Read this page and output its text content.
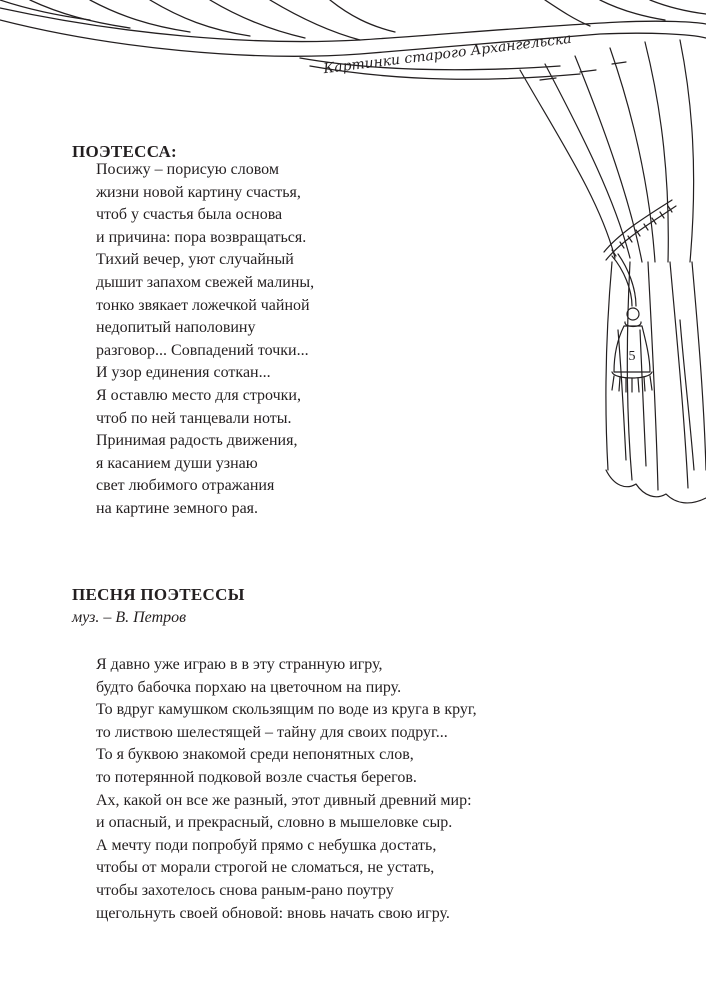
Картинки старого Архангельска
5
ПОЭТЕССА:
Посижу – порисую словом
жизни новой картину счастья,
чтоб у счастья была основа
и причина: пора возвращаться.
Тихий вечер, уют случайный
дышит запахом свежей малины,
тонко звякает ложечкой чайной
недопитый наполовину
разговор... Совпадений точки...
И узор единения соткан...
Я оставлю место для строчки,
чтоб по ней танцевали ноты.
Принимая радость движения,
я касанием души узнаю
свет любимого отражания
на картине земного рая.
ПЕСНЯ ПОЭТЕССЫ
муз. – В. Петров
Я давно уже играю в в эту странную игру,
будто бабочка порхаю на цветочном на пиру.
То вдруг камушком скользящим по воде из круга в круг,
то листвою шелестящей – тайну для своих подруг...
То я буквою знакомой среди непонятных слов,
то потерянной подковой возле счастья берегов.
Ах, какой он все же разный, этот дивный древний мир:
и опасный, и прекрасный, словно в мышеловке сыр.
А мечту поди попробуй прямо с небушка достать,
чтобы от морали строгой не сломаться, не устать,
чтобы захотелось снова раным-рано поутру
щегольнуть своей обновой: вновь начать свою игру.
